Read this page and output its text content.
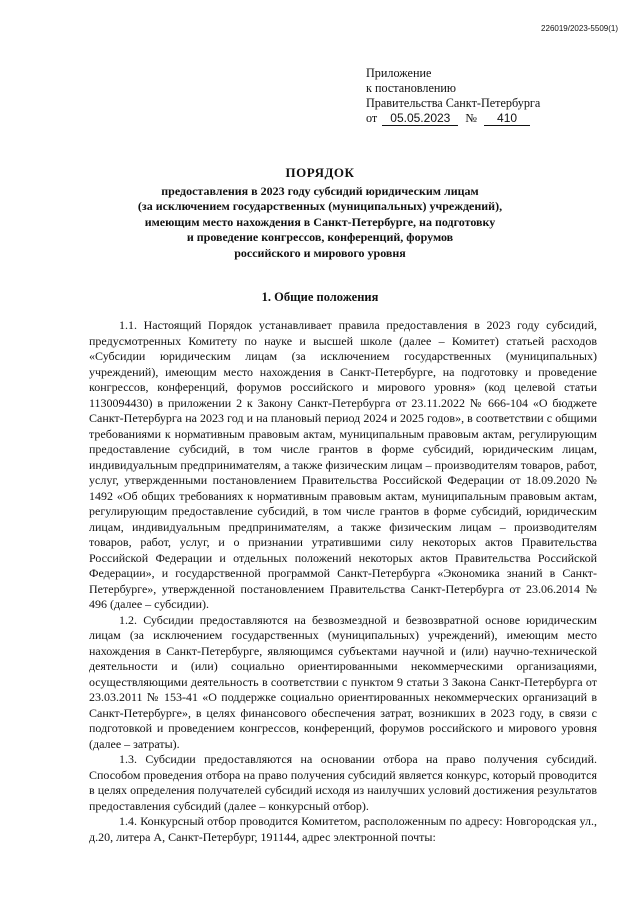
226019/2023-5509(1)
Приложение
к постановлению
Правительства Санкт-Петербурга
от 05.05.2023 № 410
ПОРЯДОК
предоставления в 2023 году субсидий юридическим лицам
(за исключением государственных (муниципальных) учреждений),
имеющим место нахождения в Санкт-Петербурге, на подготовку
и проведение конгрессов, конференций, форумов
российского и мирового уровня
1. Общие положения

1.1. Настоящий Порядок устанавливает правила предоставления в 2023 году субсидий, предусмотренных Комитету по науке и высшей школе (далее – Комитет) статьей расходов «Субсидии юридическим лицам (за исключением государственных (муниципальных) учреждений), имеющим место нахождения в Санкт-Петербурге, на подготовку и проведение конгрессов, конференций, форумов российского и мирового уровня» (код целевой статьи 1130094430) в приложении 2 к Закону Санкт-Петербурга от 23.11.2022 № 666-104 «О бюджете Санкт-Петербурга на 2023 год и на плановый период 2024 и 2025 годов», в соответствии с общими требованиями к нормативным правовым актам, муниципальным правовым актам, регулирующим предоставление субсидий, в том числе грантов в форме субсидий, юридическим лицам, индивидуальным предпринимателям, а также физическим лицам – производителям товаров, работ, услуг, утвержденными постановлением Правительства Российской Федерации от 18.09.2020 № 1492 «Об общих требованиях к нормативным правовым актам, муниципальным правовым актам, регулирующим предоставление субсидий, в том числе грантов в форме субсидий, юридическим лицам, индивидуальным предпринимателям, а также физическим лицам – производителям товаров, работ, услуг, и о признании утратившими силу некоторых актов Правительства Российской Федерации и отдельных положений некоторых актов Правительства Российской Федерации», и государственной программой Санкт-Петербурга «Экономика знаний в Санкт-Петербурге», утвержденной постановлением Правительства Санкт-Петербурга от 23.06.2014 № 496 (далее – субсидии).

1.2. Субсидии предоставляются на безвозмездной и безвозвратной основе юридическим лицам (за исключением государственных (муниципальных) учреждений), имеющим место нахождения в Санкт-Петербурге, являющимся субъектами научной и (или) научно-технической деятельности и (или) социально ориентированными некоммерческими организациями, осуществляющими деятельность в соответствии с пунктом 9 статьи 3 Закона Санкт-Петербурга от 23.03.2011 № 153-41 «О поддержке социально ориентированных некоммерческих организаций в Санкт-Петербурге», в целях финансового обеспечения затрат, возникших в 2023 году, в связи с подготовкой и проведением конгрессов, конференций, форумов российского и мирового уровня (далее – затраты).

1.3. Субсидии предоставляются на основании отбора на право получения субсидий. Способом проведения отбора на право получения субсидий является конкурс, который проводится в целях определения получателей субсидий исходя из наилучших условий достижения результатов предоставления субсидий (далее – конкурсный отбор).

1.4. Конкурсный отбор проводится Комитетом, расположенным по адресу: Новгородская ул., д.20, литера А, Санкт-Петербург, 191144, адрес электронной почты:
